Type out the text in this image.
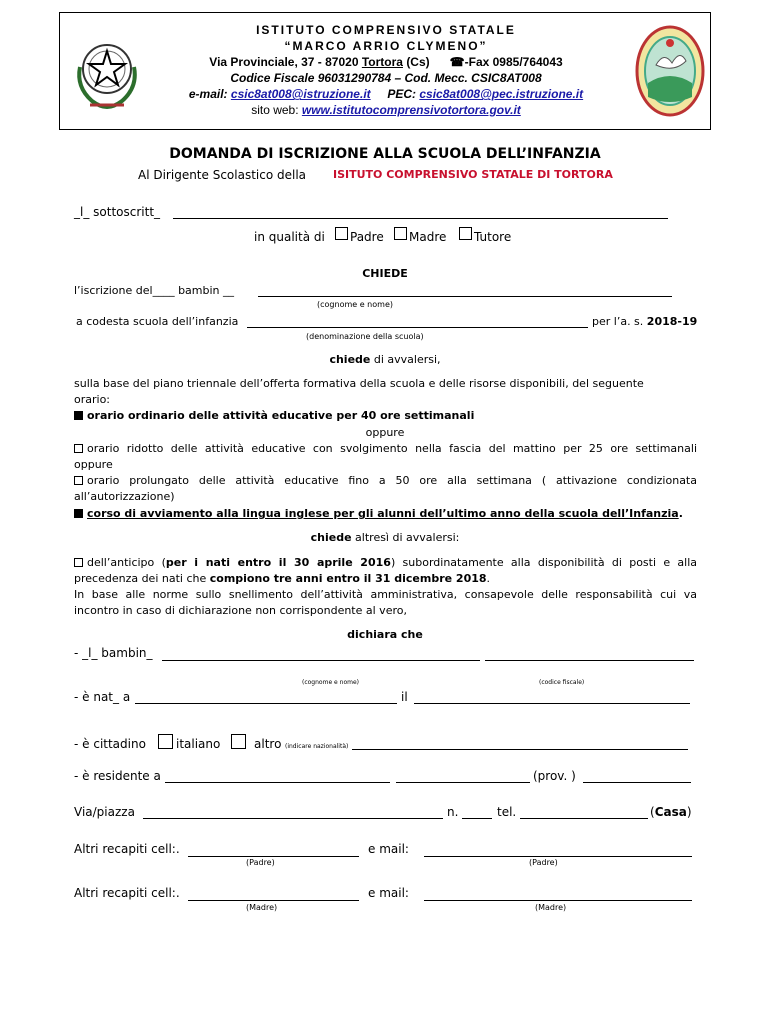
ISTITUTO COMPRENSIVO STATALE
“MARCO ARRIO CLYMENO”
Via Provinciale, 37 - 87020 Tortora (Cs) ☎-Fax 0985/764043
Codice Fiscale 96031290784 – Cod. Mecc. CSIC8AT008
e-mail: csic8at008@istruzione.it PEC: csic8at008@pec.istruzione.it
sito web: www.istitutocomprensivotortora.gov.it
DOMANDA DI ISCRIZIONE ALLA SCUOLA DELL’INFANZIA
Al Dirigente Scolastico della ISITUTO COMPRENSIVO STATALE DI TORTORA
_l_ sottoscritt_
in qualità di Padre Madre Tutore
CHIEDE
l’iscrizione del____ bambin __
(cognome e nome)
a codesta scuola dell’infanzia	per l’a. s. 2018-19
(denominazione della scuola)
chiede di avvalersi,
sulla base del piano triennale dell’offerta formativa della scuola e delle risorse disponibili, del seguente
orario:
orario ordinario delle attività educative per 40 ore settimanali
oppure
orario ridotto delle attività educative con svolgimento nella fascia del mattino per 25 ore settimanali
oppure
orario prolungato delle attività educative fino a 50 ore alla settimana ( attivazione condizionata
all’autorizzazione)
corso di avviamento alla lingua inglese per gli alunni dell’ultimo anno della scuola dell’Infanzia.
chiede altresì di avvalersi:
dell’anticipo (per i nati entro il 30 aprile 2016) subordinatamente alla disponibilità di posti e alla
precedenza dei nati che compiono tre anni entro il 31 dicembre 2018.
In base alle norme sullo snellimento dell’attività amministrativa, consapevole delle responsabilità cui va
incontro in caso di dichiarazione non corrispondente al vero,
dichiara che
- _l_ bambin_
(cognome e nome)	(codice fiscale)
- è nat_ a	il
- è cittadino	italiano	altro (indicare nazionalità)
- è residente a	(prov. )
Via/piazza	n.	tel.	(Casa)
Altri recapiti cell:.	e mail:
(Padre)	(Padre)
Altri recapiti cell:.	e mail:
(Madre)	(Madre)
